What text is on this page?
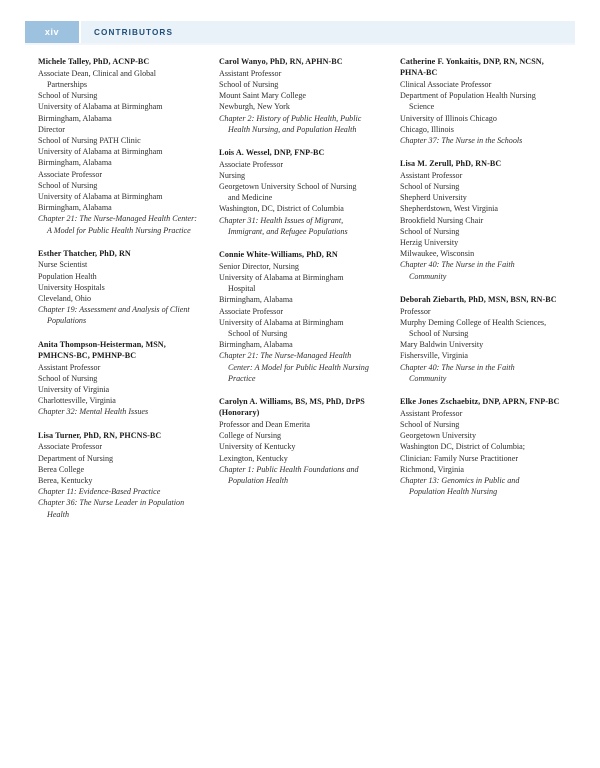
xiv	CONTRIBUTORS
Michele Talley, PhD, ACNP-BC
Associate Dean, Clinical and Global
Partnerships
School of Nursing
University of Alabama at Birmingham
Birmingham, Alabama
Director
School of Nursing PATH Clinic
University of Alabama at Birmingham
Birmingham, Alabama
Associate Professor
School of Nursing
University of Alabama at Birmingham
Birmingham, Alabama
Chapter 21: The Nurse-Managed Health Center:
A Model for Public Health Nursing Practice
Esther Thatcher, PhD, RN
Nurse Scientist
Population Health
University Hospitals
Cleveland, Ohio
Chapter 19: Assessment and Analysis of Client
Populations
Anita Thompson-Heisterman, MSN, PMHCNS-BC, PMHNP-BC
Assistant Professor
School of Nursing
University of Virginia
Charlottesville, Virginia
Chapter 32: Mental Health Issues
Lisa Turner, PhD, RN, PHCNS-BC
Associate Professor
Department of Nursing
Berea College
Berea, Kentucky
Chapter 11: Evidence-Based Practice
Chapter 36: The Nurse Leader in Population
Health
Carol Wanyo, PhD, RN, APHN-BC
Assistant Professor
School of Nursing
Mount Saint Mary College
Newburgh, New York
Chapter 2: History of Public Health, Public
Health Nursing, and Population Health
Lois A. Wessel, DNP, FNP-BC
Associate Professor
Nursing
Georgetown University School of Nursing
and Medicine
Washington, DC, District of Columbia
Chapter 31: Health Issues of Migrant,
Immigrant, and Refugee Populations
Connie White-Williams, PhD, RN
Senior Director, Nursing
University of Alabama at Birmingham
Hospital
Birmingham, Alabama
Associate Professor
University of Alabama at Birmingham
School of Nursing
Birmingham, Alabama
Chapter 21: The Nurse-Managed Health
Center: A Model for Public Health Nursing
Practice
Carolyn A. Williams, BS, MS, PhD, DrPS (Honorary)
Professor and Dean Emerita
College of Nursing
University of Kentucky
Lexington, Kentucky
Chapter 1: Public Health Foundations and
Population Health
Catherine F. Yonkaitis, DNP, RN, NCSN, PHNA-BC
Clinical Associate Professor
Department of Population Health Nursing
Science
University of Illinois Chicago
Chicago, Illinois
Chapter 37: The Nurse in the Schools
Lisa M. Zerull, PhD, RN-BC
Assistant Professor
School of Nursing
Shepherd University
Shepherdstown, West Virginia
Brookfield Nursing Chair
School of Nursing
Herzig University
Milwaukee, Wisconsin
Chapter 40: The Nurse in the Faith
Community
Deborah Ziebarth, PhD, MSN, BSN, RN-BC
Professor
Murphy Deming College of Health Sciences,
School of Nursing
Mary Baldwin University
Fishersville, Virginia
Chapter 40: The Nurse in the Faith
Community
Elke Jones Zschaebitz, DNP, APRN, FNP-BC
Assistant Professor
School of Nursing
Georgetown University
Washington DC, District of Columbia;
Clinician: Family Nurse Practitioner
Richmond, Virginia
Chapter 13: Genomics in Public and
Population Health Nursing
